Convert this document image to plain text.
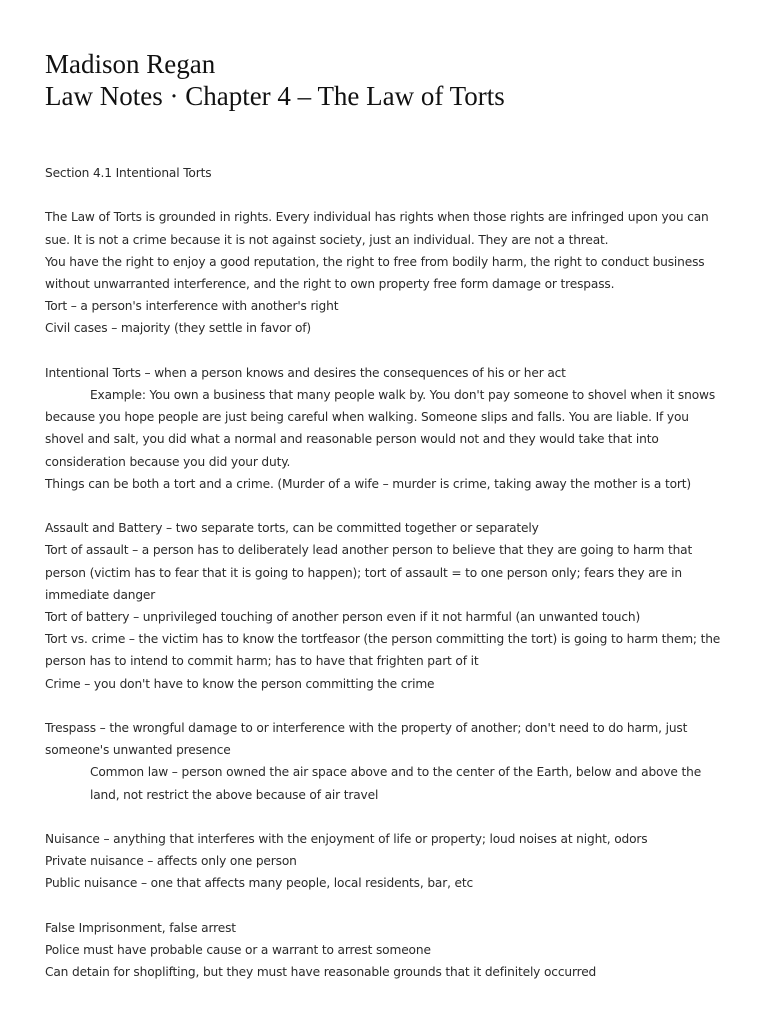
Madison Regan
Law Notes · Chapter 4 – The Law of Torts

Section 4.1 Intentional Torts

The Law of Torts is grounded in rights. Every individual has rights when those rights are infringed upon you can sue. It is not a crime because it is not against society, just an individual. They are not a threat.

You have the right to enjoy a good reputation, the right to free from bodily harm, the right to conduct business without unwarranted interference, and the right to own property free form damage or trespass.

Tort – a person's interference with another's right

Civil cases – majority (they settle in favor of)

Intentional Torts – when a person knows and desires the consequences of his or her act

Example: You own a business that many people walk by. You don't pay someone to shovel when it snows because you hope people are just being careful when walking. Someone slips and falls. You are liable. If you shovel and salt, you did what a normal and reasonable person would not and they would take that into consideration because you did your duty.

Things can be both a tort and a crime. (Murder of a wife – murder is crime, taking away the mother is a tort)

Assault and Battery – two separate torts, can be committed together or separately

Tort of assault – a person has to deliberately lead another person to believe that they are going to harm that person (victim has to fear that it is going to happen); tort of assault = to one person only; fears they are in immediate danger

Tort of battery – unprivileged touching of another person even if it not harmful (an unwanted touch)

Tort vs. crime – the victim has to know the tortfeasor (the person committing the tort) is going to harm them; the person has to intend to commit harm; has to have that frighten part of it

Crime – you don't have to know the person committing the crime

Trespass – the wrongful damage to or interference with the property of another; don't need to do harm, just someone's unwanted presence

Common law – person owned the air space above and to the center of the Earth, below and above the land, not restrict the above because of air travel

Nuisance – anything that interferes with the enjoyment of life or property; loud noises at night, odors

Private nuisance – affects only one person

Public nuisance – one that affects many people, local residents, bar, etc

False Imprisonment, false arrest

Police must have probable cause or a warrant to arrest someone

Can detain for shoplifting, but they must have reasonable grounds that it definitely occurred
